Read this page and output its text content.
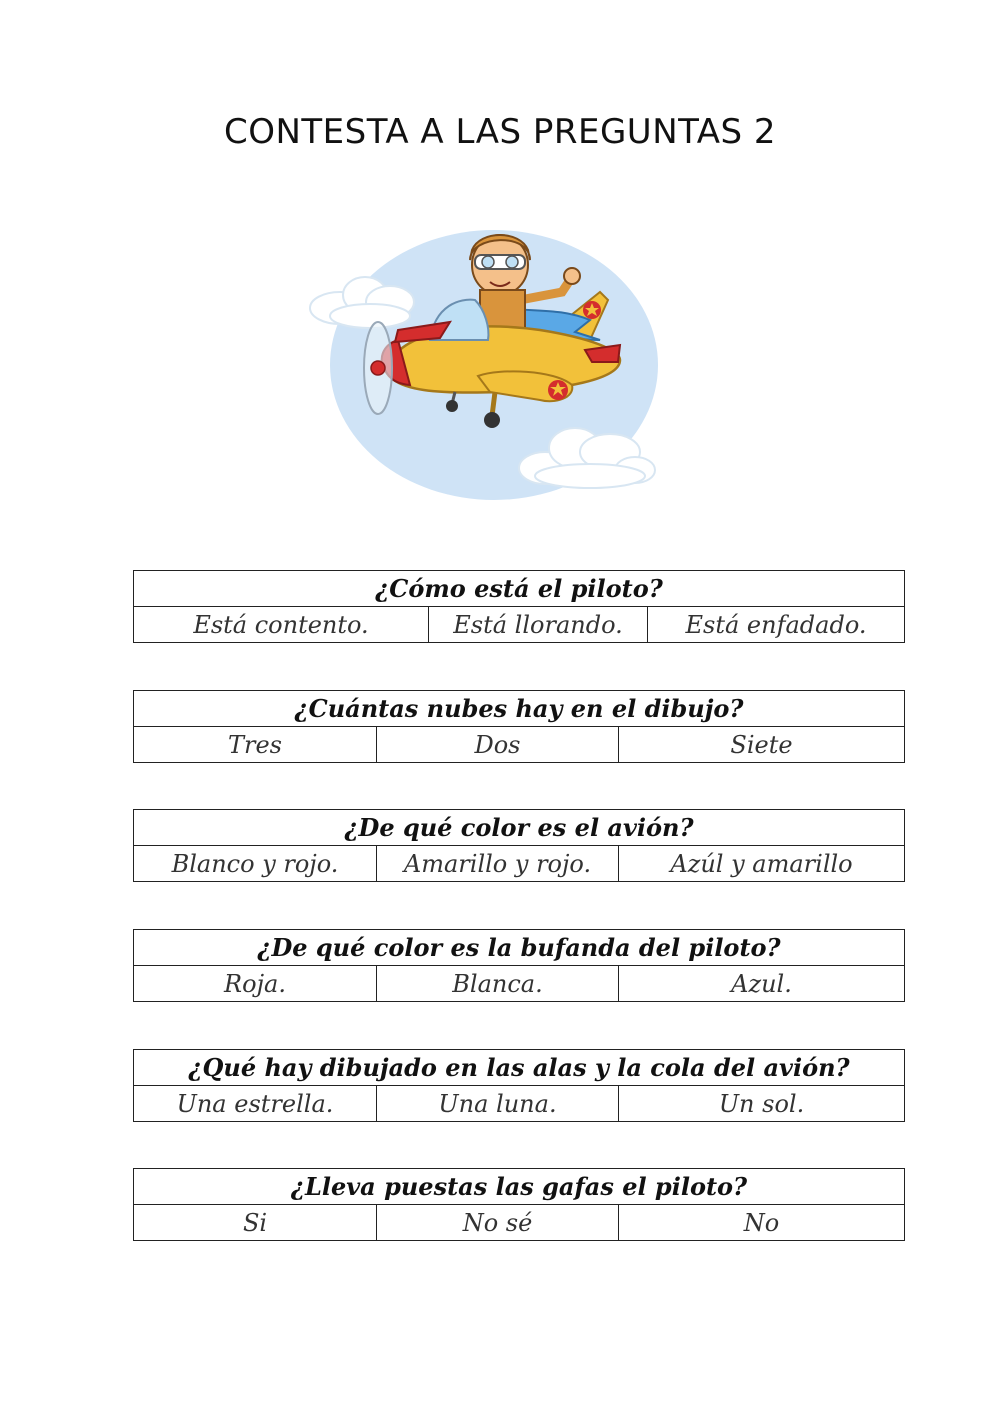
CONTESTA A LAS PREGUNTAS 2
¿Cómo está el piloto?
Está contento.	Está llorando.	Está enfadado.
¿Cuántas nubes hay en el dibujo?
Tres	Dos	Siete
¿De qué color es el avión?
Blanco y rojo.	Amarillo y rojo.	Azúl y amarillo
¿De qué color es la bufanda del piloto?
Roja.	Blanca.	Azul.
¿Qué hay dibujado en las alas y la cola del avión?
Una estrella.	Una luna.	Un sol.
¿Lleva puestas las gafas el piloto?
Si	No sé	No
